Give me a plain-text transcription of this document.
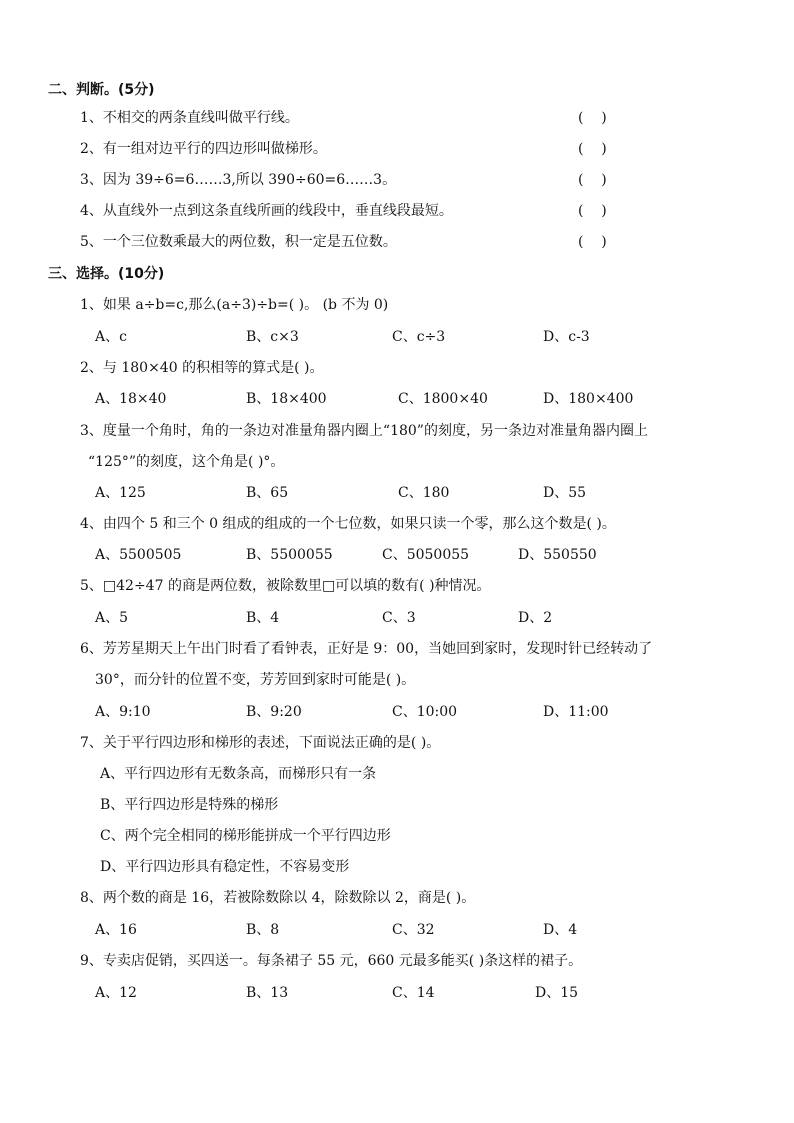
二、判断。(5分)
1、不相交的两条直线叫做平行线。	(    )
2、有一组对边平行的四边形叫做梯形。	(    )
3、因为 39÷6=6……3,所以 390÷60=6……3。	(    )
4、从直线外一点到这条直线所画的线段中，垂直线段最短。	(    )
5、一个三位数乘最大的两位数，积一定是五位数。	(    )
三、选择。(10分)
1、如果 a÷b=c,那么(a÷3)÷b=( )。 (b 不为 0)
A、c	B、c×3	C、c÷3	D、c-3
2、与 180×40 的积相等的算式是( )。
A、18×40	B、18×400	C、1800×40	D、180×400
3、度量一个角时，角的一条边对准量角器内圈上“180”的刻度，另一条边对准量角器内圈上
“125°”的刻度，这个角是( )°。
A、125	B、65	C、180	D、55
4、由四个 5 和三个 0 组成的组成的一个七位数，如果只读一个零，那么这个数是( )。
A、5500505	B、5500055	C、5050055	D、550550
5、□42÷47 的商是两位数，被除数里□可以填的数有( )种情况。
A、5	B、4	C、3	D、2
6、芳芳星期天上午出门时看了看钟表，正好是 9：00，当她回到家时，发现时针已经转动了
30°，而分针的位置不变，芳芳回到家时可能是( )。
A、9:10	B、9:20	C、10:00	D、11:00
7、关于平行四边形和梯形的表述，下面说法正确的是( )。
A、平行四边形有无数条高，而梯形只有一条
B、平行四边形是特殊的梯形
C、两个完全相同的梯形能拼成一个平行四边形
D、平行四边形具有稳定性，不容易变形
8、两个数的商是 16，若被除数除以 4，除数除以 2，商是( )。
A、16	B、8	C、32	D、4
9、专卖店促销，买四送一。每条裙子 55 元，660 元最多能买( )条这样的裙子。
A、12	B、13	C、14	D、15
